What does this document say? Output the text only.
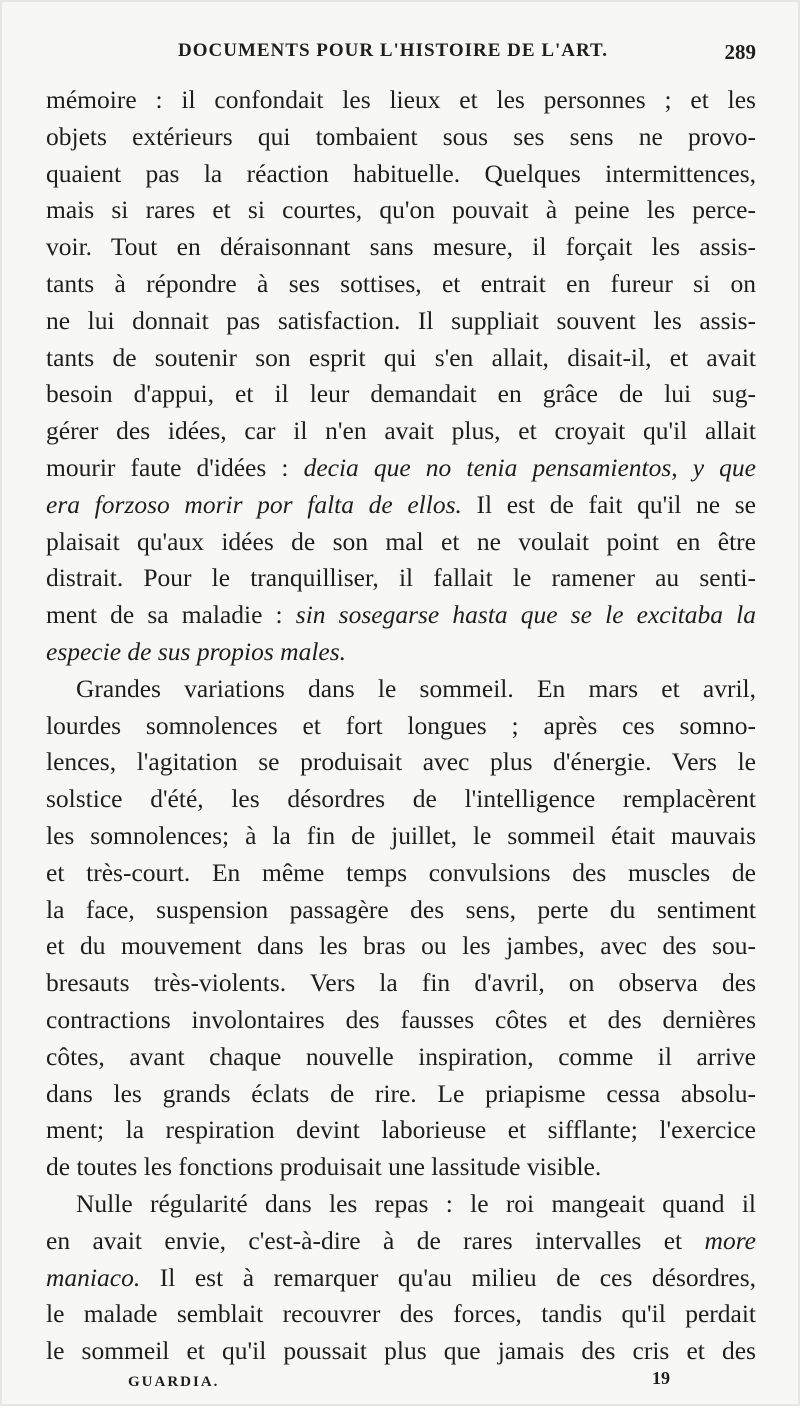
DOCUMENTS POUR L'HISTOIRE DE L'ART.	289
mémoire : il confondait les lieux et les personnes ; et les
objets extérieurs qui tombaient sous ses sens ne provo-
quaient pas la réaction habituelle. Quelques intermittences,
mais si rares et si courtes, qu'on pouvait à peine les perce-
voir. Tout en déraisonnant sans mesure, il forçait les assis-
tants à répondre à ses sottises, et entrait en fureur si on
ne lui donnait pas satisfaction. Il suppliait souvent les assis-
tants de soutenir son esprit qui s'en allait, disait-il, et avait
besoin d'appui, et il leur demandait en grâce de lui sug-
gérer des idées, car il n'en avait plus, et croyait qu'il allait
mourir faute d'idées : decia que no tenia pensamientos, y que
era forzoso morir por falta de ellos. Il est de fait qu'il ne se
plaisait qu'aux idées de son mal et ne voulait point en être
distrait. Pour le tranquilliser, il fallait le ramener au senti-
ment de sa maladie : sin sosegarse hasta que se le excitaba la
especie de sus propios males.
Grandes variations dans le sommeil. En mars et avril,
lourdes somnolences et fort longues ; après ces somno-
lences, l'agitation se produisait avec plus d'énergie. Vers le
solstice d'été, les désordres de l'intelligence remplacèrent
les somnolences; à la fin de juillet, le sommeil était mauvais
et très-court. En même temps convulsions des muscles de
la face, suspension passagère des sens, perte du sentiment
et du mouvement dans les bras ou les jambes, avec des sou-
bresauts très-violents. Vers la fin d'avril, on observa des
contractions involontaires des fausses côtes et des dernières
côtes, avant chaque nouvelle inspiration, comme il arrive
dans les grands éclats de rire. Le priapisme cessa absolu-
ment; la respiration devint laborieuse et sifflante; l'exercice
de toutes les fonctions produisait une lassitude visible.
Nulle régularité dans les repas : le roi mangeait quand il
en avait envie, c'est-à-dire à de rares intervalles et more
maniaco. Il est à remarquer qu'au milieu de ces désordres,
le malade semblait recouvrer des forces, tandis qu'il perdait
le sommeil et qu'il poussait plus que jamais des cris et des
GUARDIA.	19
